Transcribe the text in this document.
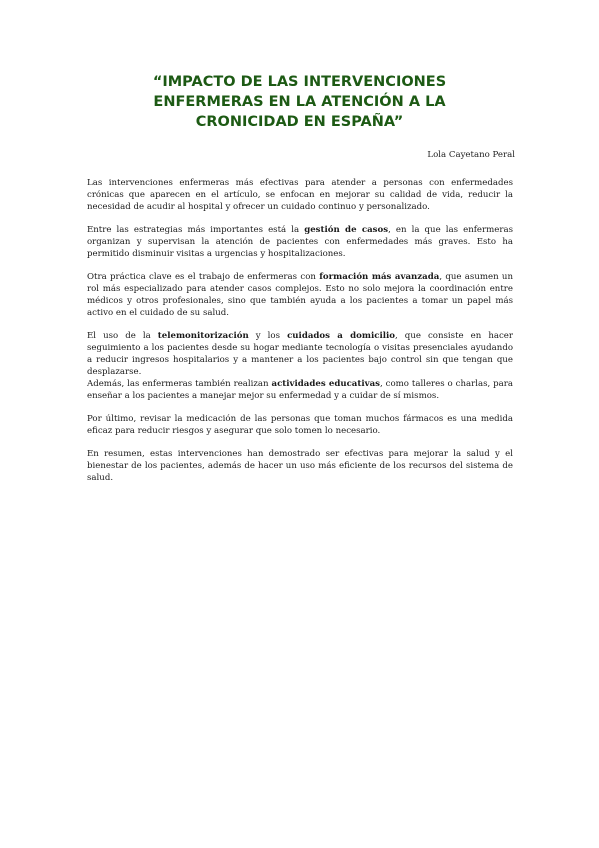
“IMPACTO DE LAS INTERVENCIONES
ENFERMERAS EN LA ATENCIÓN A LA
CRONICIDAD EN ESPAÑA”
Lola Cayetano Peral

Las intervenciones enfermeras más efectivas para atender a personas con enfermedades crónicas que aparecen en el artículo, se enfocan en mejorar su calidad de vida, reducir la necesidad de acudir al hospital y ofrecer un cuidado continuo y personalizado.

Entre las estrategias más importantes está la gestión de casos, en la que las enfermeras organizan y supervisan la atención de pacientes con enfermedades más graves. Esto ha permitido disminuir visitas a urgencias y hospitalizaciones.

Otra práctica clave es el trabajo de enfermeras con formación más avanzada, que asumen un rol más especializado para atender casos complejos. Esto no solo mejora la coordinación entre médicos y otros profesionales, sino que también ayuda a los pacientes a tomar un papel más activo en el cuidado de su salud.

El uso de la telemonitorización y los cuidados a domicilio, que consiste en hacer seguimiento a los pacientes desde su hogar mediante tecnología o visitas presenciales ayudando a reducir ingresos hospitalarios y a mantener a los pacientes bajo control sin que tengan que desplazarse.

Además, las enfermeras también realizan actividades educativas, como talleres o charlas, para enseñar a los pacientes a manejar mejor su enfermedad y a cuidar de sí mismos.

Por último, revisar la medicación de las personas que toman muchos fármacos es una medida eficaz para reducir riesgos y asegurar que solo tomen lo necesario.

En resumen, estas intervenciones han demostrado ser efectivas para mejorar la salud y el bienestar de los pacientes, además de hacer un uso más eficiente de los recursos del sistema de salud.
